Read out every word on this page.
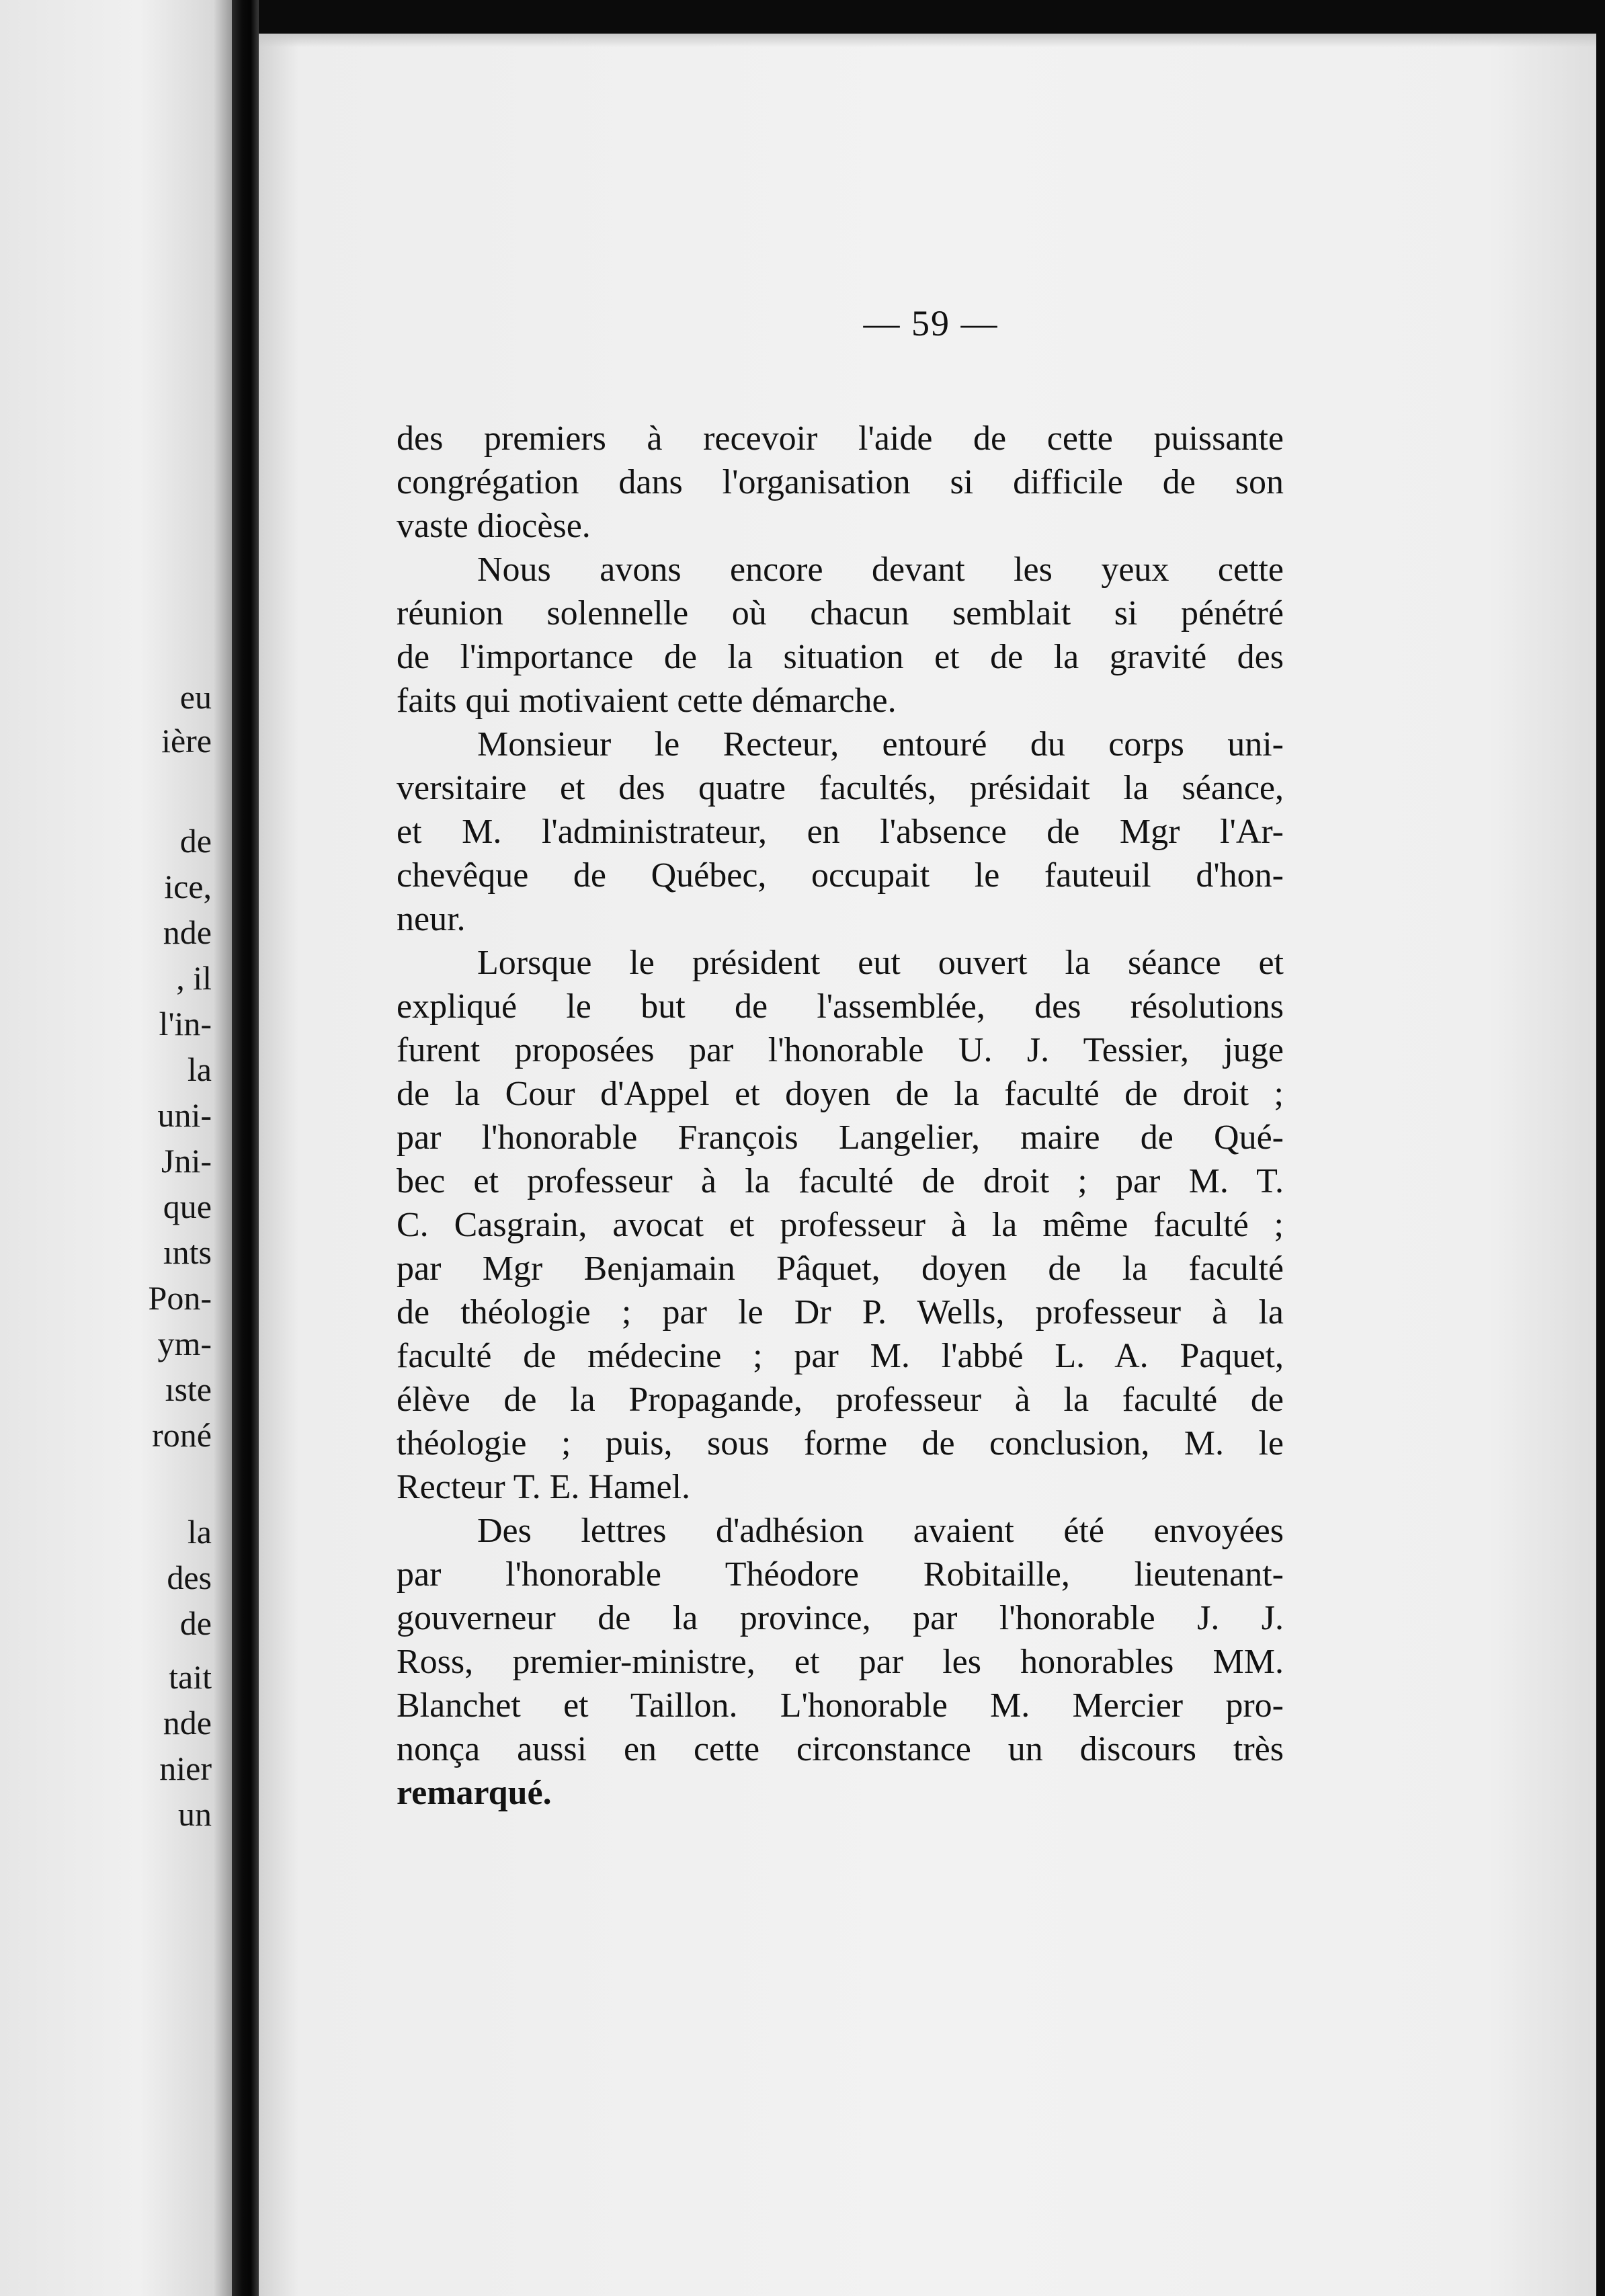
eu
ière
de
ice,
nde
, il
l'in-
la
uni-
Jni-
que
ınts
Pon-
ym-
ıste
roné
la
des
de
tait
nde
nier
un
— 59 —
des premiers à recevoir l'aide de cette puissante
congrégation dans l'organisation si difficile de son
vaste diocèse.
Nous avons encore devant les yeux cette
réunion solennelle où chacun semblait si pénétré
de l'importance de la situation et de la gravité des
faits qui motivaient cette démarche.
Monsieur le Recteur, entouré du corps uni-
versitaire et des quatre facultés, présidait la séance,
et M. l'administrateur, en l'absence de Mgr l'Ar-
chevêque de Québec, occupait le fauteuil d'hon-
neur.
Lorsque le président eut ouvert la séance et
expliqué le but de l'assemblée, des résolutions
furent proposées par l'honorable U. J. Tessier, juge
de la Cour d'Appel et doyen de la faculté de droit ;
par l'honorable François Langelier, maire de Qué-
bec et professeur à la faculté de droit ; par M. T.
C. Casgrain, avocat et professeur à la même faculté ;
par Mgr Benjamain Pâquet, doyen de la faculté
de théologie ; par le Dr P. Wells, professeur à la
faculté de médecine ; par M. l'abbé L. A. Paquet,
élève de la Propagande, professeur à la faculté de
théologie ; puis, sous forme de conclusion, M. le
Recteur T. E. Hamel.
Des lettres d'adhésion avaient été envoyées
par l'honorable Théodore Robitaille, lieutenant-
gouverneur de la province, par l'honorable J. J.
Ross, premier-ministre, et par les honorables MM.
Blanchet et Taillon. L'honorable M. Mercier pro-
nonça aussi en cette circonstance un discours très
remarqué.
